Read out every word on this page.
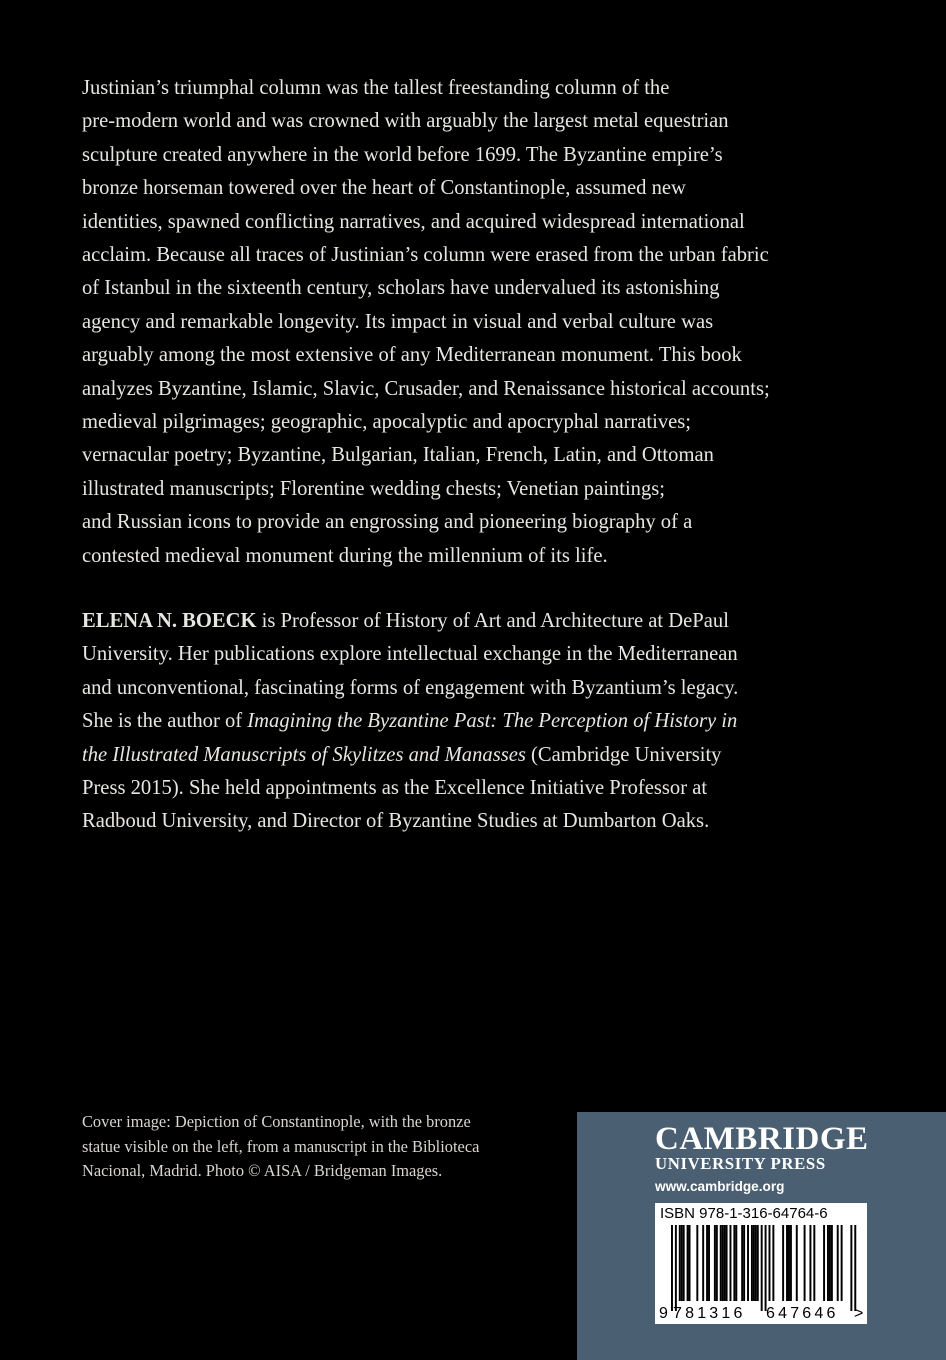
Justinian’s triumphal column was the tallest freestanding column of the
pre-modern world and was crowned with arguably the largest metal equestrian
sculpture created anywhere in the world before 1699. The Byzantine empire’s
bronze horseman towered over the heart of Constantinople, assumed new
identities, spawned conflicting narratives, and acquired widespread international
acclaim. Because all traces of Justinian’s column were erased from the urban fabric
of Istanbul in the sixteenth century, scholars have undervalued its astonishing
agency and remarkable longevity. Its impact in visual and verbal culture was
arguably among the most extensive of any Mediterranean monument. This book
analyzes Byzantine, Islamic, Slavic, Crusader, and Renaissance historical accounts;
medieval pilgrimages; geographic, apocalyptic and apocryphal narratives;
vernacular poetry; Byzantine, Bulgarian, Italian, French, Latin, and Ottoman
illustrated manuscripts; Florentine wedding chests; Venetian paintings;
and Russian icons to provide an engrossing and pioneering biography of a
contested medieval monument during the millennium of its life.

ELENA N. BOECK is Professor of History of Art and Architecture at DePaul
University. Her publications explore intellectual exchange in the Mediterranean
and unconventional, fascinating forms of engagement with Byzantium’s legacy.
She is the author of Imagining the Byzantine Past: The Perception of History in
the Illustrated Manuscripts of Skylitzes and Manasses (Cambridge University
Press 2015). She held appointments as the Excellence Initiative Professor at
Radboud University, and Director of Byzantine Studies at Dumbarton Oaks.

Cover image: Depiction of Constantinople, with the bronze
statue visible on the left, from a manuscript in the Biblioteca
Nacional, Madrid. Photo © AISA / Bridgeman Images.

CAMBRIDGE
UNIVERSITY PRESS
www.cambridge.org
ISBN 978-1-316-64764-6
9 781316 647646 >
